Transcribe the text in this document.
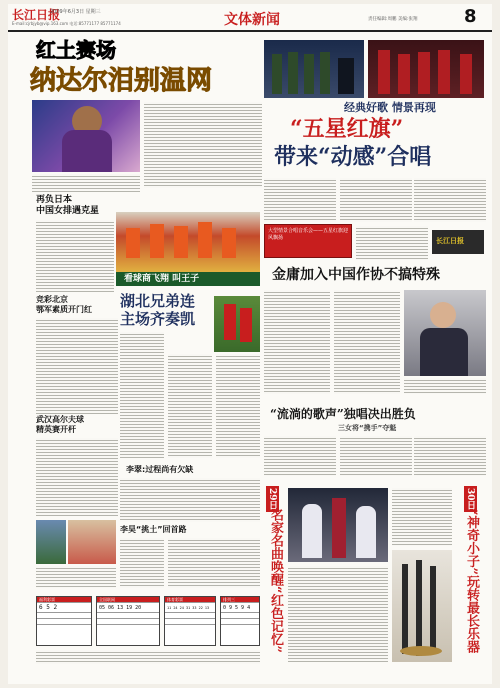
长江日报
2009年6月3日 星期三
E-mail:cjrbjyb@vip.163.com 电话:85771177 85771174	文体新闻	责任编辑:周鹏 美编:张翔	8
红土赛场
纳达尔泪别温网
经典好歌 情景再现
“五星红旗”
带来“动感”合唱
大型情景合唱音乐会——五星红旗迎风飘扬	长江日报
再负日本
中国女排遇克星
看球商飞翔 叫王子
竞彩北京
鄂军素质开门红
武汉高尔夫球
精英赛开杆
湖北兄弟连
主场齐奏凯
金庸加入中国作协不搞特殊
“流淌的歌声”独唱决出胜负
三女将“携手”夺魁
李翠:过程尚有欠缺
李昊“挑土”回首路
29日
名家名曲唤醒“红色记忆”
30日
“神奇小子”玩转最长乐器
福利彩票
6 5 2
全国联网
05 06 13 19 20
体育彩票
11 24 24 31 33 22 13
排列三
0 9 5 9 4
